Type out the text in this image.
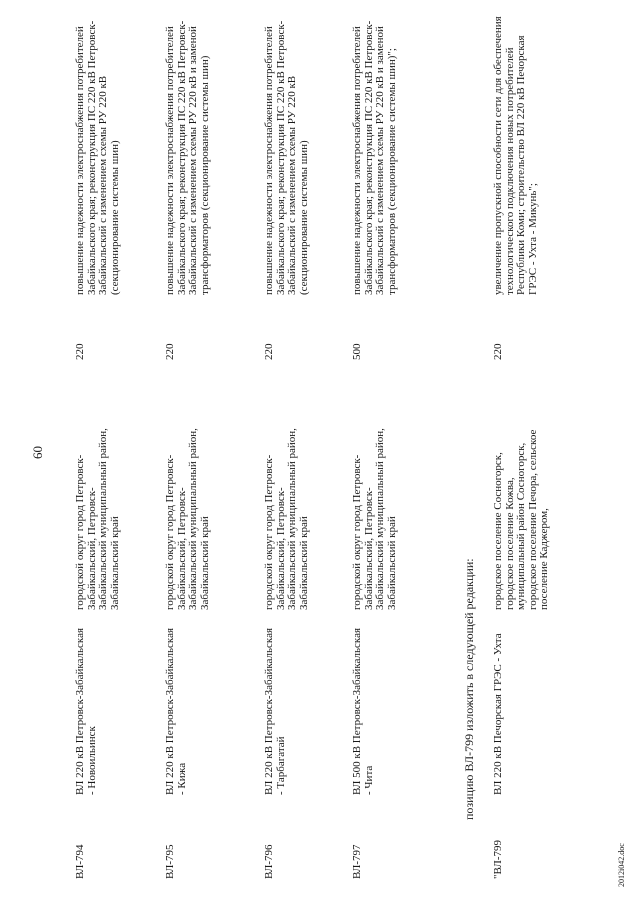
60
ВЛ-794
ВЛ 220 кВ Петровск-Забайкальская - Новоильинск
городской округ город Петровск-Забайкальский, Петровск-Забайкальский муниципальный район, Забайкальский край
220
повышение надежности электроснабжения потребителей Забайкальского края; реконструкция ПС 220 кВ Петровск-Забайкальский с изменением схемы РУ 220 кВ (секционирование системы шин)
ВЛ-795
ВЛ 220 кВ Петровск-Забайкальская - Кижа
городской округ город Петровск-Забайкальский, Петровск-Забайкальский муниципальный район, Забайкальский край
220
повышение надежности электроснабжения потребителей Забайкальского края; реконструкция ПС 220 кВ Петровск-Забайкальский с изменением схемы РУ 220 кВ и заменой трансформаторов (секционирование системы шин)
ВЛ-796
ВЛ 220 кВ Петровск-Забайкальская - Тарбагатай
городской округ город Петровск-Забайкальский, Петровск-Забайкальский муниципальный район, Забайкальский край
220
повышение надежности электроснабжения потребителей Забайкальского края; реконструкция ПС 220 кВ Петровск-Забайкальский с изменением схемы РУ 220 кВ (секционирование системы шин)
ВЛ-797
ВЛ 500 кВ Петровск-Забайкальская - Чита
городской округ город Петровск-Забайкальский, Петровск-Забайкальский муниципальный район, Забайкальский край
500
повышение надежности электроснабжения потребителей Забайкальского края; реконструкция ПС 220 кВ Петровск-Забайкальский с изменением схемы РУ 220 кВ и заменой трансформаторов (секционирование системы шин)";
позицию ВЛ-799 изложить в следующей редакции:
"ВЛ-799
ВЛ 220 кВ Печорская ГРЭС - Ухта
городское поселение Сосногорск, городское поселение Кожва, муниципальный район Сосногорск, городское поселение Печора, сельское поселение Каджером,
220
увеличение пропускной способности сети для обеспечения технологического подключения новых потребителей Республики Коми; строительство ВЛ 220 кВ Печорская ГРЭС - Ухта - Микунь";
2012i042.doc
